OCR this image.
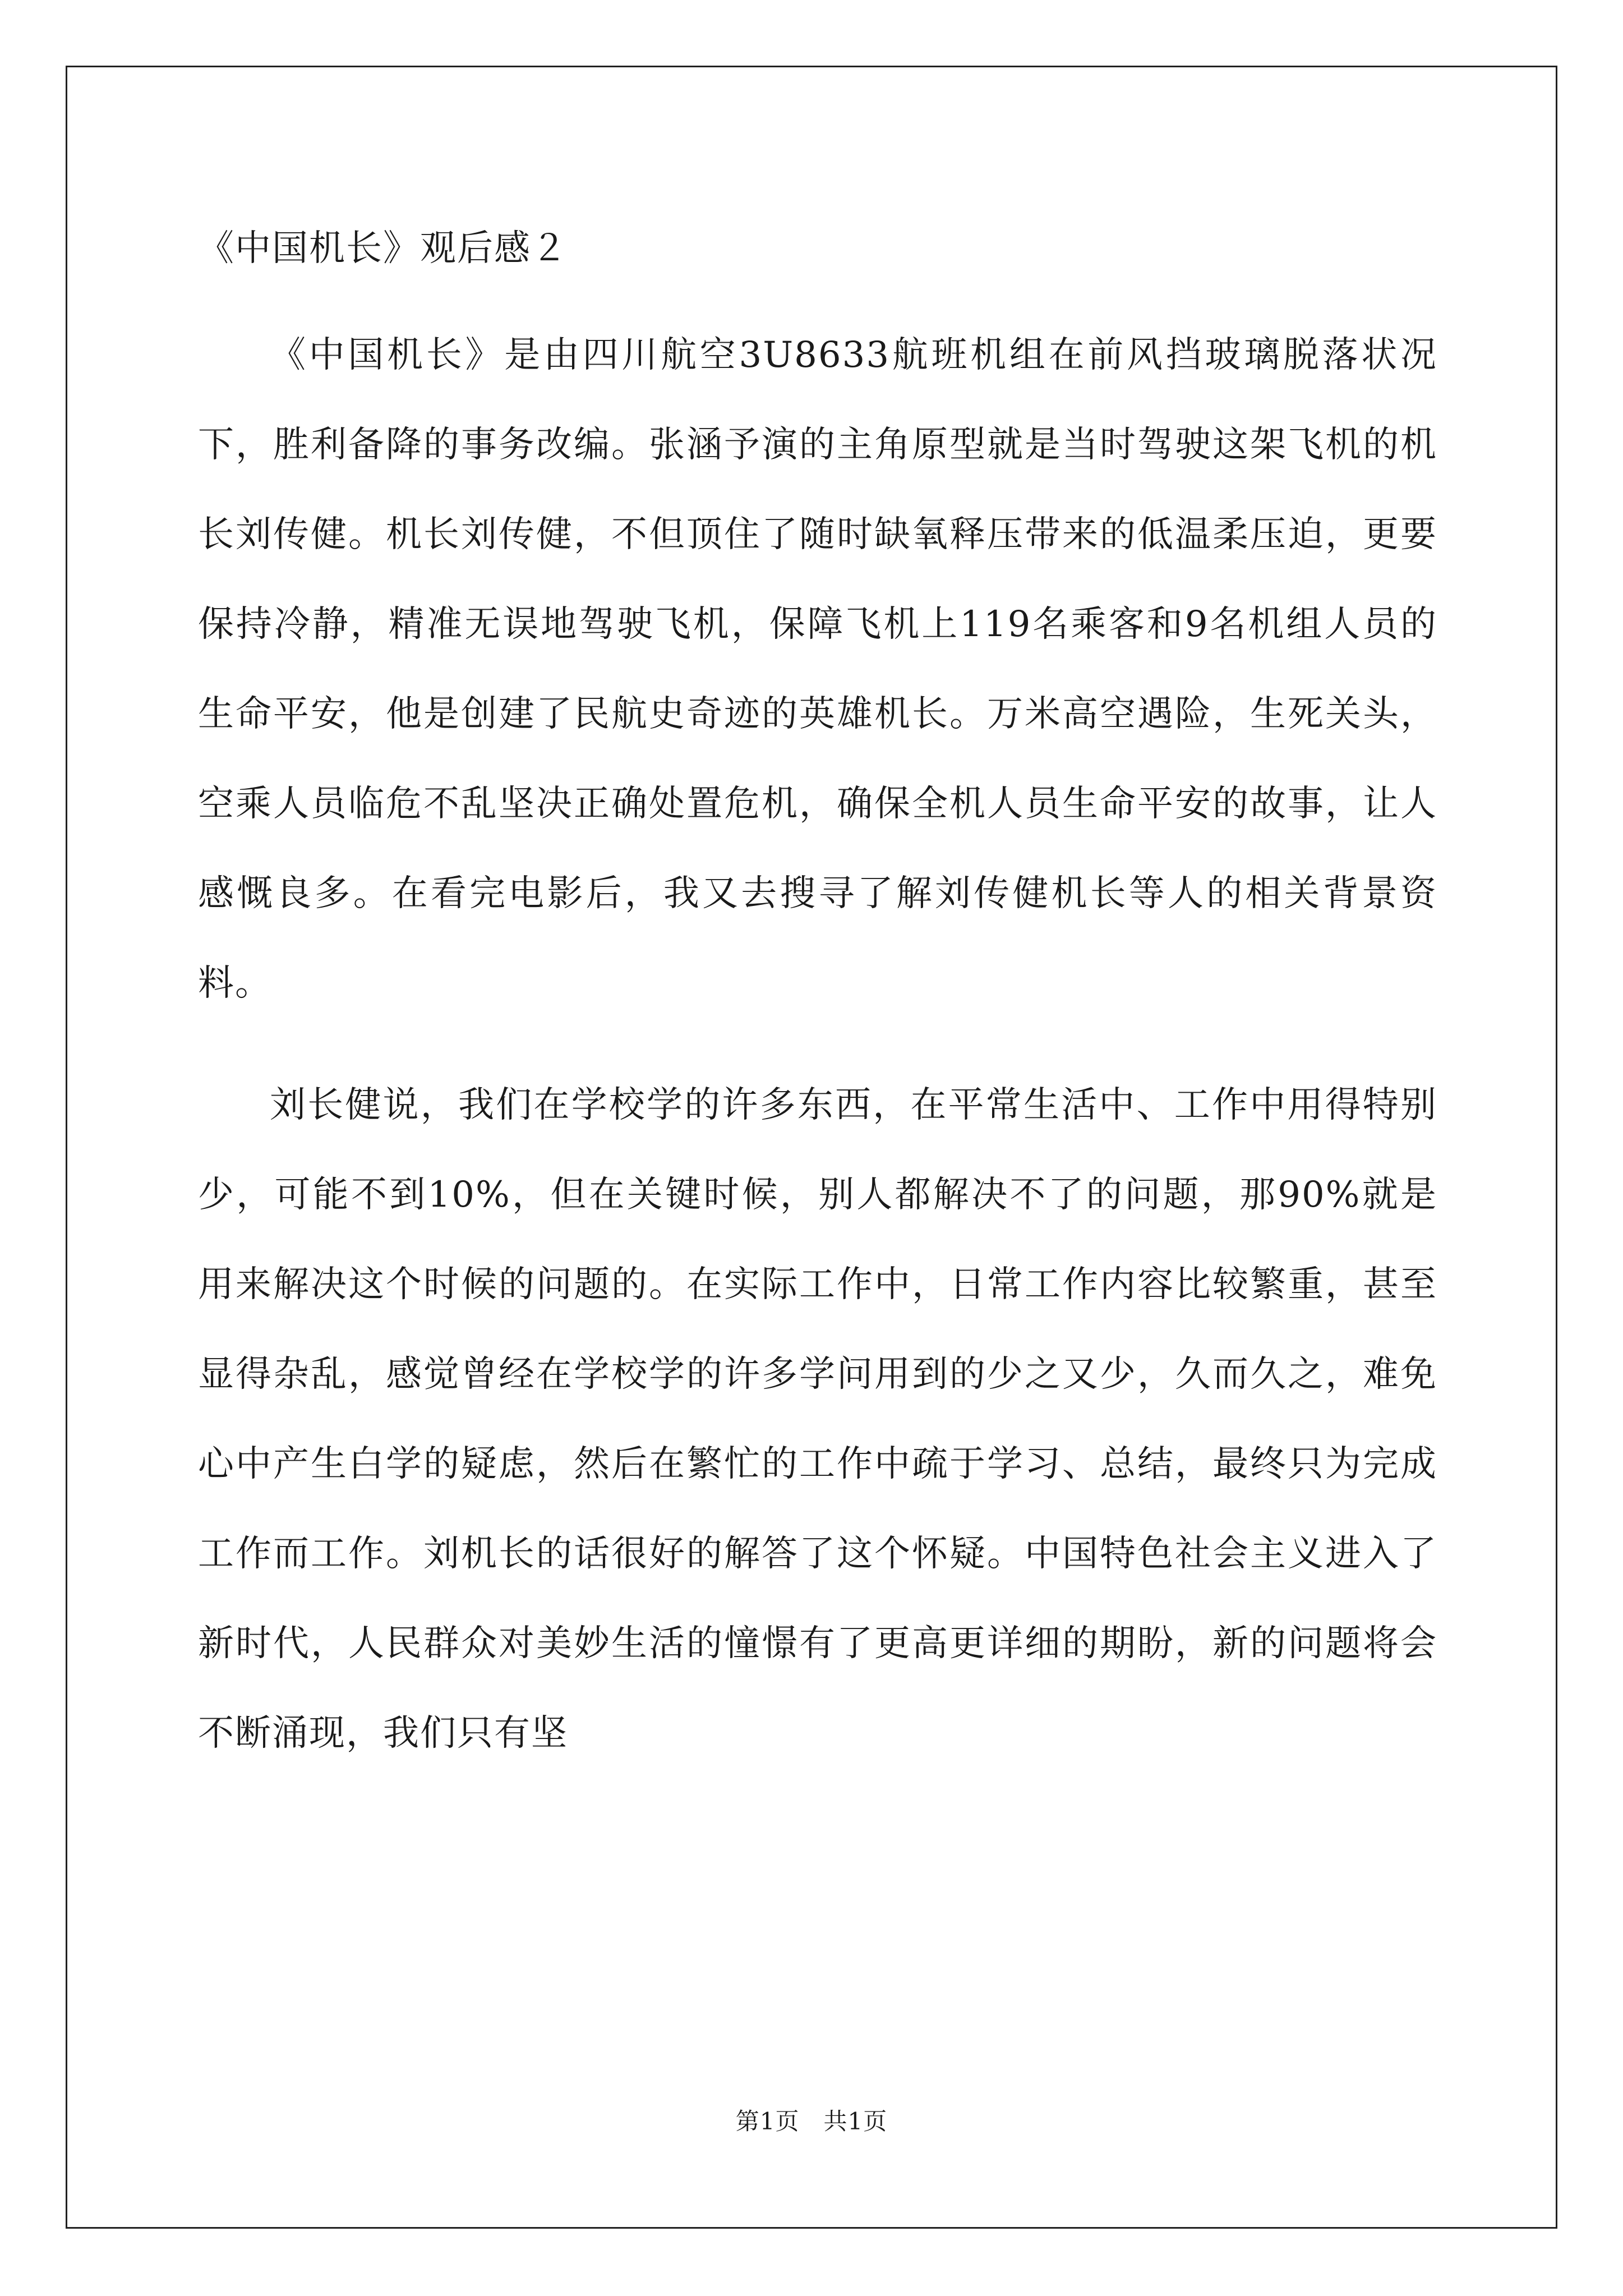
《中国机长》观后感２

《中国机长》是由四川航空3U8633航班机组在前风挡玻璃脱落状况下，胜利备降的事务改编。张涵予演的主角原型就是当时驾驶这架飞机的机长刘传健。机长刘传健，不但顶住了随时缺氧释压带来的低温柔压迫，更要保持冷静，精准无误地驾驶飞机，保障飞机上119名乘客和9名机组人员的生命平安，他是创建了民航史奇迹的英雄机长。万米高空遇险，生死关头，空乘人员临危不乱坚决正确处置危机，确保全机人员生命平安的故事，让人感慨良多。在看完电影后，我又去搜寻了解刘传健机长等人的相关背景资料。

刘长健说，我们在学校学的许多东西，在平常生活中、工作中用得特别少，可能不到10%，但在关键时候，别人都解决不了的问题，那90%就是用来解决这个时候的问题的。在实际工作中，日常工作内容比较繁重，甚至显得杂乱，感觉曾经在学校学的许多学问用到的少之又少，久而久之，难免心中产生白学的疑虑，然后在繁忙的工作中疏于学习、总结，最终只为完成工作而工作。刘机长的话很好的解答了这个怀疑。中国特色社会主义进入了新时代，人民群众对美妙生活的憧憬有了更高更详细的期盼，新的问题将会不断涌现，我们只有坚

第1页　共1页
